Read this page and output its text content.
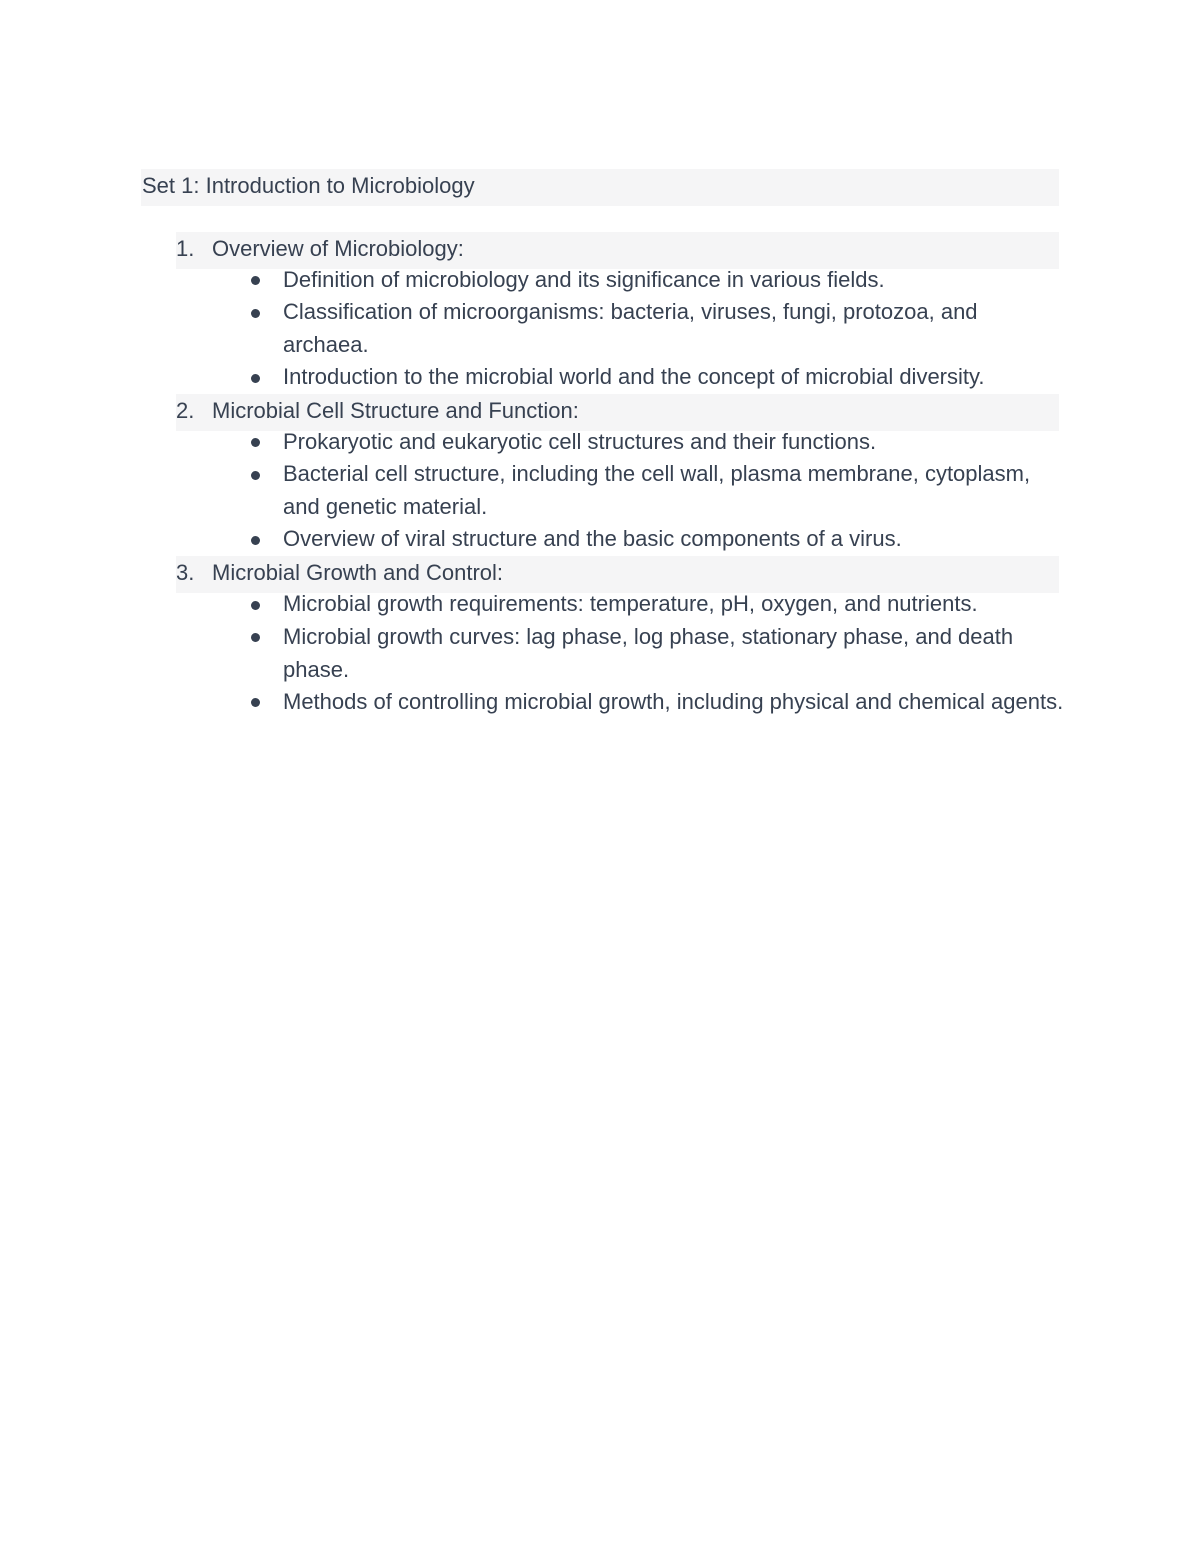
Set 1: Introduction to Microbiology
1. Overview of Microbiology:
Definition of microbiology and its significance in various fields.
Classification of microorganisms: bacteria, viruses, fungi, protozoa, and archaea.
Introduction to the microbial world and the concept of microbial diversity.
2. Microbial Cell Structure and Function:
Prokaryotic and eukaryotic cell structures and their functions.
Bacterial cell structure, including the cell wall, plasma membrane, cytoplasm, and genetic material.
Overview of viral structure and the basic components of a virus.
3. Microbial Growth and Control:
Microbial growth requirements: temperature, pH, oxygen, and nutrients.
Microbial growth curves: lag phase, log phase, stationary phase, and death phase.
Methods of controlling microbial growth, including physical and chemical agents.
